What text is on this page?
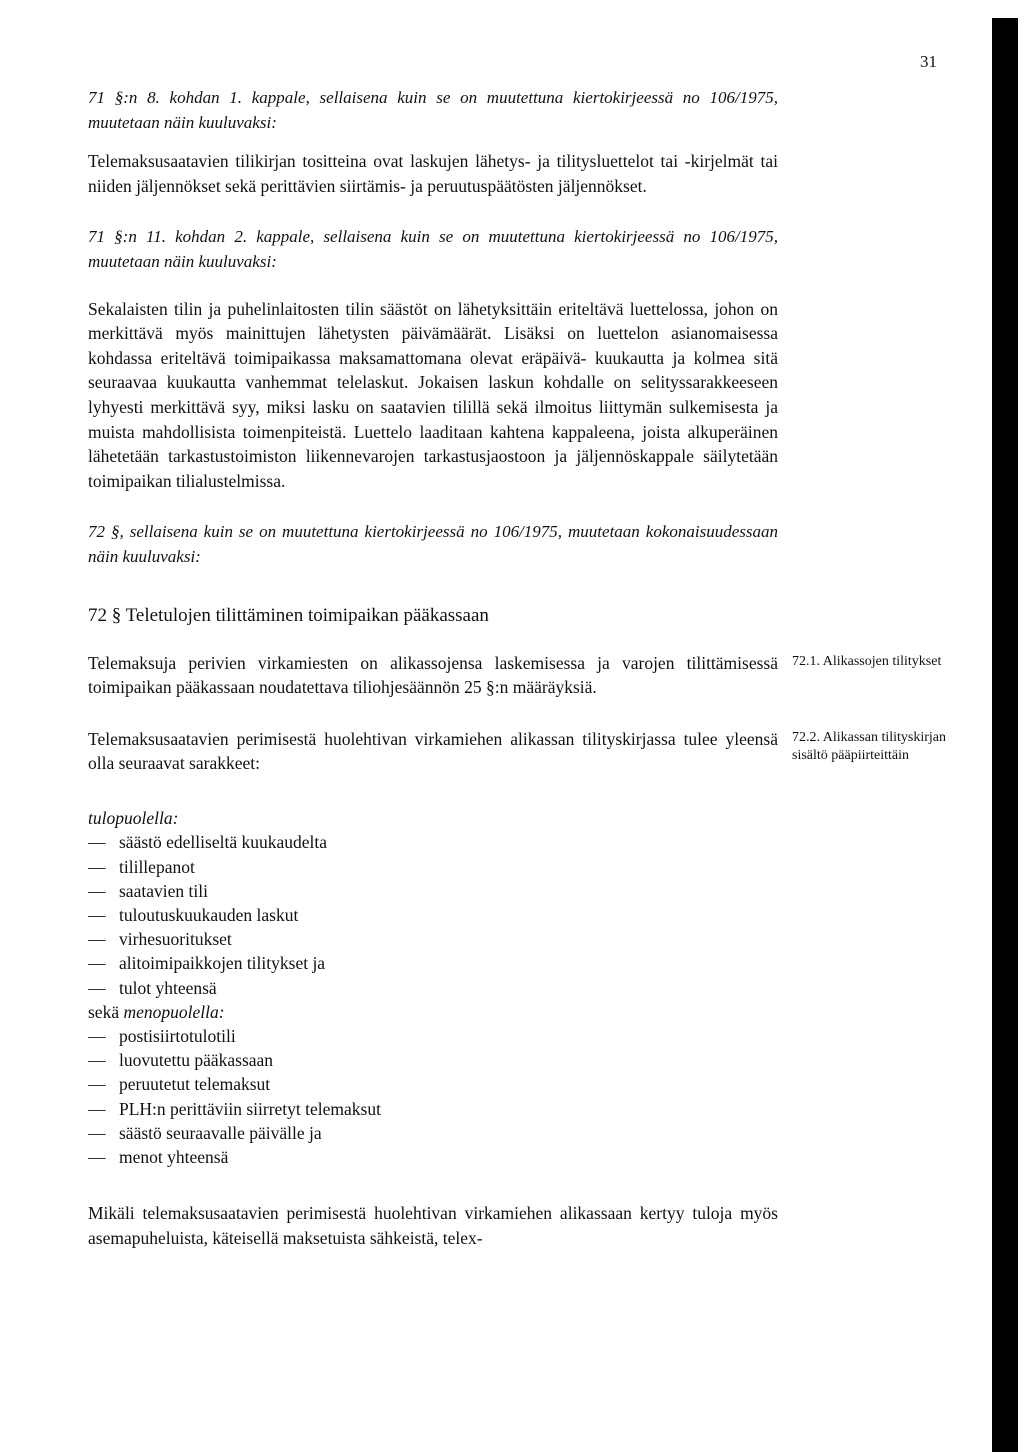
31

71 §:n 8. kohdan 1. kappale, sellaisena kuin se on muutettuna kiertokirjeessä no 106/1975, muutetaan näin kuuluvaksi:

Telemaksusaatavien tilikirjan tositteina ovat laskujen lähetys- ja tilitysluettelot tai -kirjelmät tai niiden jäljennökset sekä perittävien siirtämis- ja peruutuspäätösten jäljennökset.

71 §:n 11. kohdan 2. kappale, sellaisena kuin se on muutettuna kiertokirjeessä no 106/1975, muutetaan näin kuuluvaksi:

Sekalaisten tilin ja puhelinlaitosten tilin säästöt on lähetyksittäin eriteltävä luettelossa, johon on merkittävä myös mainittujen lähetysten päivämäärät. Lisäksi on luettelon asianomaisessa kohdassa eriteltävä toimipaikassa maksamattomana olevat eräpäivä- kuukautta ja kolmea sitä seuraavaa kuukautta vanhemmat telelaskut. Jokaisen laskun kohdalle on selityssarakkeeseen lyhyesti merkittävä syy, miksi lasku on saatavien tilillä sekä ilmoitus liittymän sulkemisesta ja muista mahdollisista toimenpiteistä. Luettelo laaditaan kahtena kappaleena, joista alkuperäinen lähetetään tarkastustoimiston liikennevarojen tarkastusjaostoon ja jäljennöskappale säilytetään toimipaikan tilialustelmissa.

72 §, sellaisena kuin se on muutettuna kiertokirjeessä no 106/1975, muutetaan kokonaisuudessaan näin kuuluvaksi:

72 § Teletulojen tilittäminen toimipaikan pääkassaan

Telemaksuja perivien virkamiesten on alikassojensa laskemisessa ja varojen tilittämisessä toimipaikan pääkassaan noudatettava tiliohjesäännön 25 §:n määräyksiä.

72.1. Alikassojen tilitykset

Telemaksusaatavien perimisestä huolehtivan virkamiehen alikassan tilityskirjassa tulee yleensä olla seuraavat sarakkeet:

72.2. Alikassan tilityskirjan sisältö pääpiirteittäin
tulopuolella:
— säästö edelliseltä kuukaudelta
— tilillepanot
— saatavien tili
— tuloutuskuukauden laskut
— virhesuoritukset
— alitoimipaikkojen tilitykset ja
— tulot yhteensä
sekä menopuolella:
— postisiirtotulotili
— luovutettu pääkassaan
— peruutetut telemaksut
— PLH:n perittäviin siirretyt telemaksut
— säästö seuraavalle päivälle ja
— menot yhteensä

Mikäli telemaksusaatavien perimisestä huolehtivan virkamiehen alikassaan kertyy tuloja myös asemapuheluista, käteisellä maksetuista sähkeistä, telex-
